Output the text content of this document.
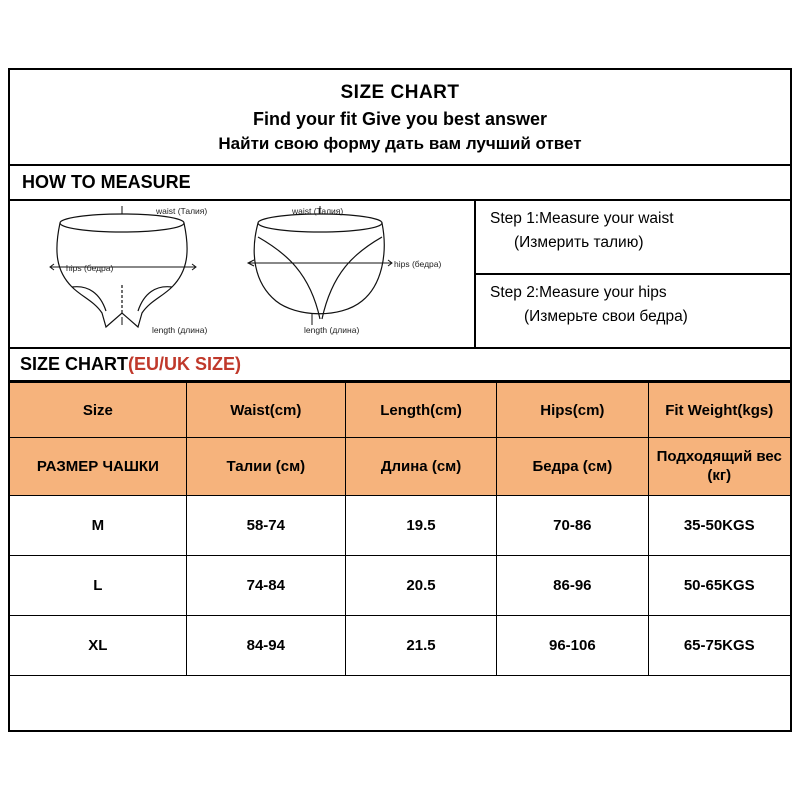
SIZE CHART
Find your fit Give you best answer
Найти свою форму дать вам лучший ответ
HOW TO MEASURE
waist (Талия)
hips (бедра)
length (длина)
waist (Талия)
hips (бедра)
length (длина)
Step 1:Measure your waist
(Измерить талию)
Step 2:Measure your hips
(Измерьте свои бедра)
SIZE CHART(EU/UK SIZE)
Size	Waist(cm)	Length(cm)	Hips(cm)	Fit Weight(kgs)
РАЗМЕР ЧАШКИ	Талии (см)	Длина (см)	Бедра (см)	Подходящий вес (кг)
M	58-74	19.5	70-86	35-50KGS
L	74-84	20.5	86-96	50-65KGS
XL	84-94	21.5	96-106	65-75KGS
